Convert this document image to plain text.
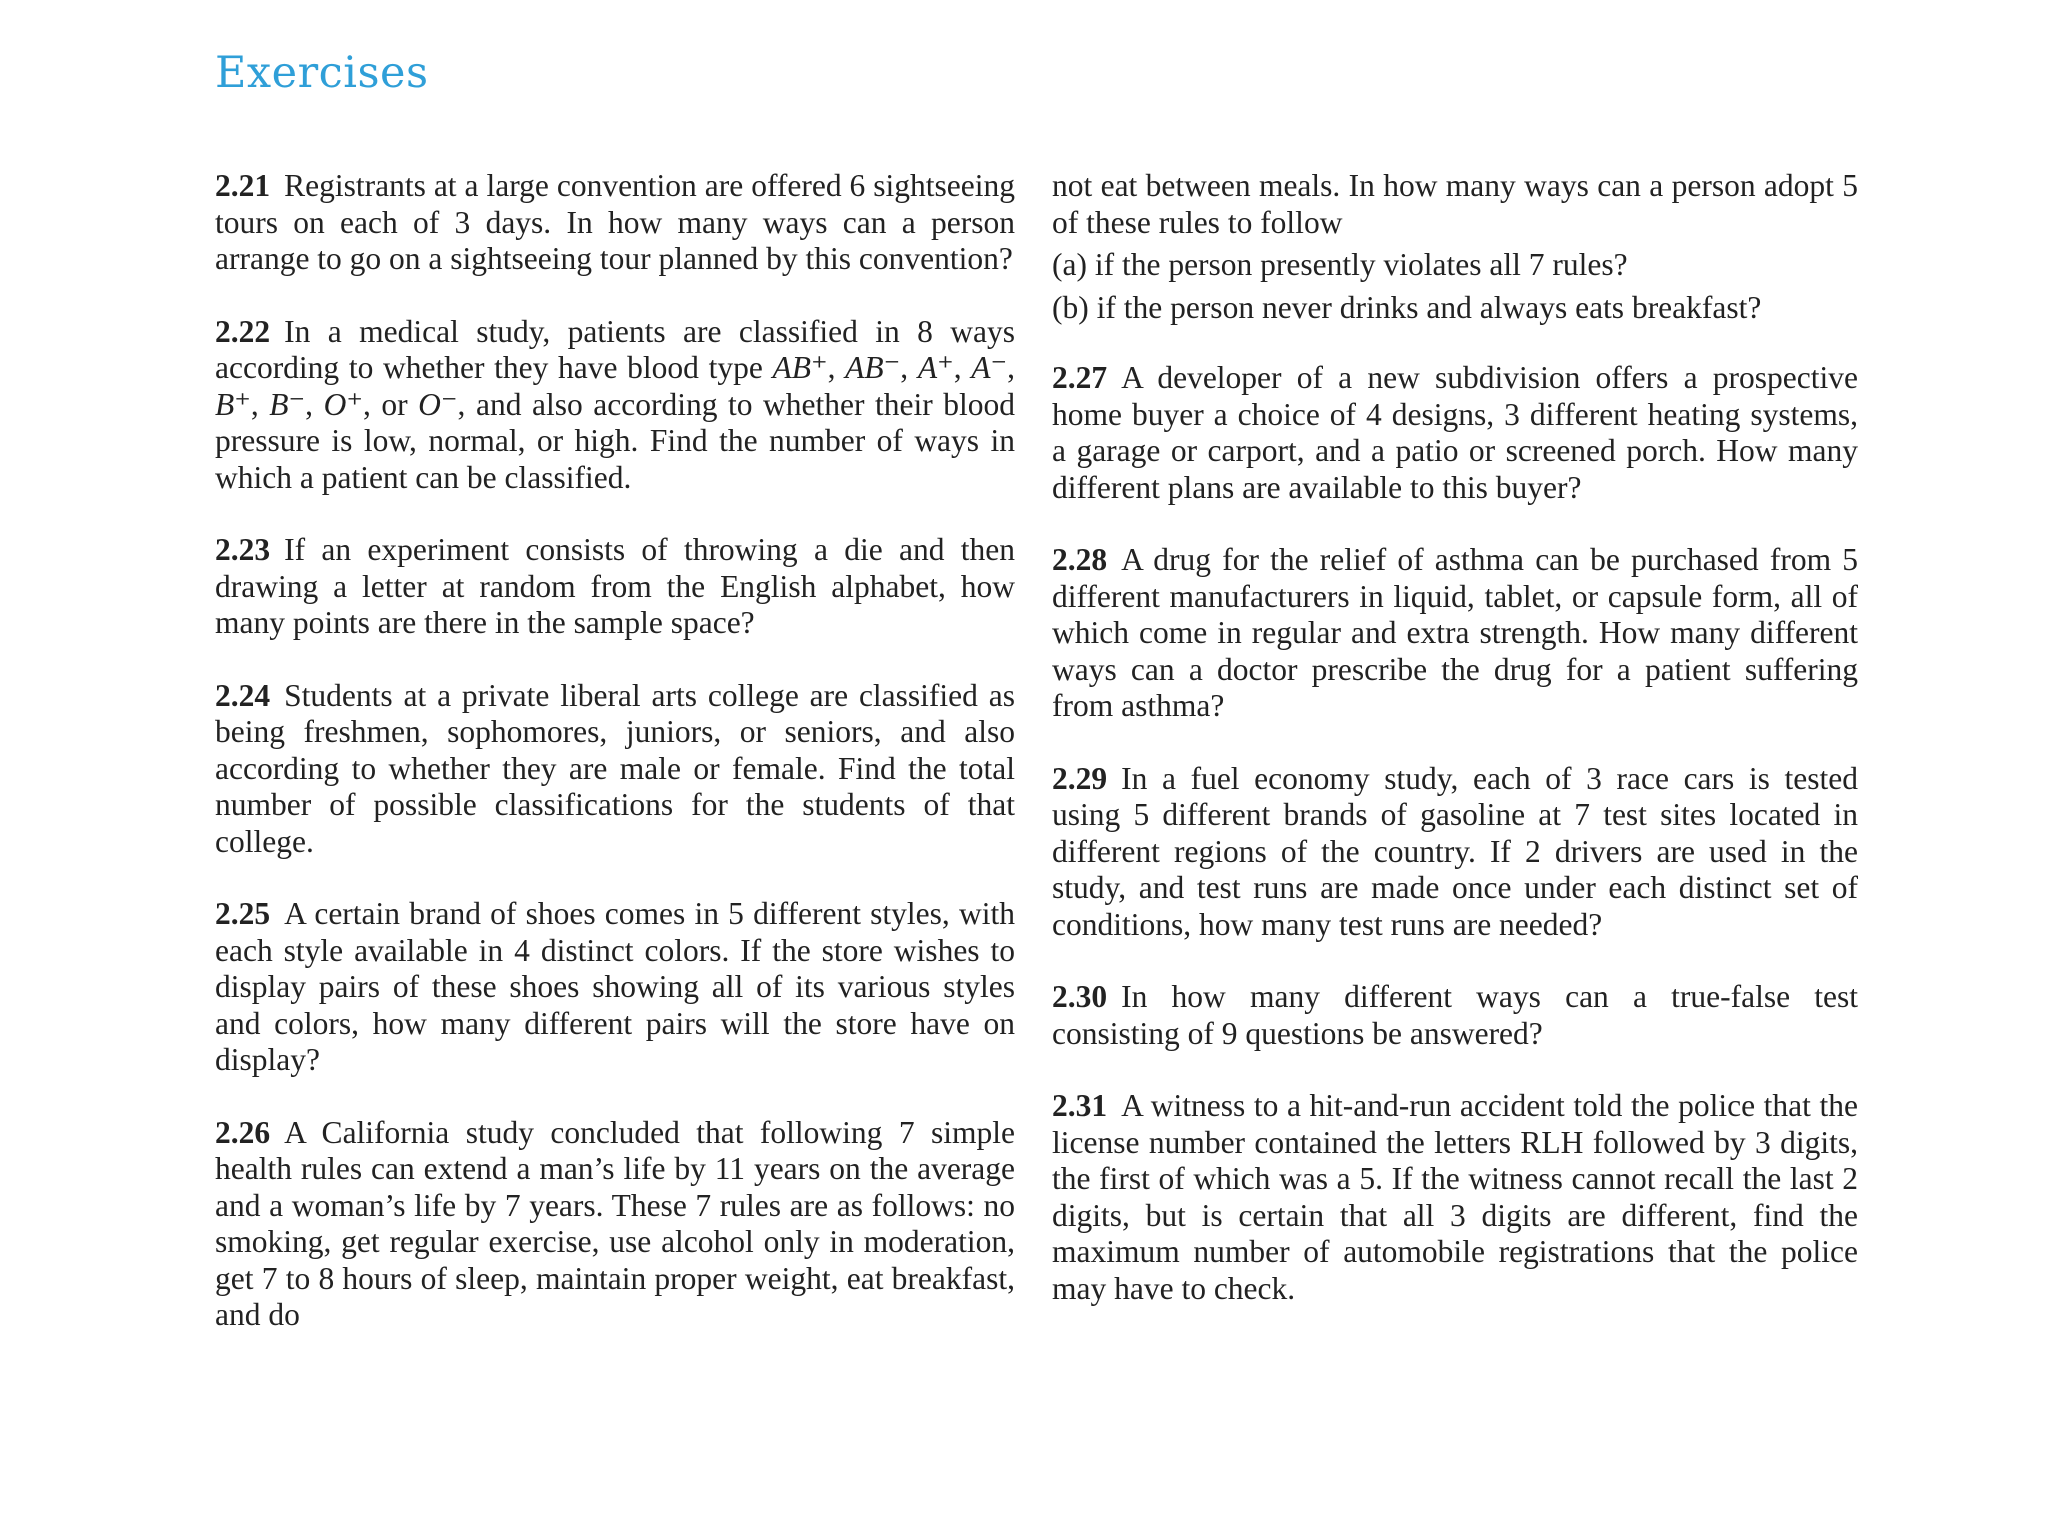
Exercises

2.21 Registrants at a large convention are offered 6 sightseeing tours on each of 3 days. In how many ways can a person arrange to go on a sightseeing tour planned by this convention?

2.22 In a medical study, patients are classified in 8 ways according to whether they have blood type AB⁺, AB⁻, A⁺, A⁻, B⁺, B⁻, O⁺, or O⁻, and also according to whether their blood pressure is low, normal, or high. Find the number of ways in which a patient can be classified.

2.23 If an experiment consists of throwing a die and then drawing a letter at random from the English alphabet, how many points are there in the sample space?

2.24 Students at a private liberal arts college are classified as being freshmen, sophomores, juniors, or seniors, and also according to whether they are male or female. Find the total number of possible classifications for the students of that college.

2.25 A certain brand of shoes comes in 5 different styles, with each style available in 4 distinct colors. If the store wishes to display pairs of these shoes showing all of its various styles and colors, how many different pairs will the store have on display?

2.26 A California study concluded that following 7 simple health rules can extend a man’s life by 11 years on the average and a woman’s life by 7 years. These 7 rules are as follows: no smoking, get regular exercise, use alcohol only in moderation, get 7 to 8 hours of sleep, maintain proper weight, eat breakfast, and do

not eat between meals. In how many ways can a person adopt 5 of these rules to follow

(a) if the person presently violates all 7 rules?

(b) if the person never drinks and always eats breakfast?

2.27 A developer of a new subdivision offers a prospective home buyer a choice of 4 designs, 3 different heating systems, a garage or carport, and a patio or screened porch. How many different plans are available to this buyer?

2.28 A drug for the relief of asthma can be purchased from 5 different manufacturers in liquid, tablet, or capsule form, all of which come in regular and extra strength. How many different ways can a doctor prescribe the drug for a patient suffering from asthma?

2.29 In a fuel economy study, each of 3 race cars is tested using 5 different brands of gasoline at 7 test sites located in different regions of the country. If 2 drivers are used in the study, and test runs are made once under each distinct set of conditions, how many test runs are needed?

2.30 In how many different ways can a true-false test consisting of 9 questions be answered?

2.31 A witness to a hit-and-run accident told the police that the license number contained the letters RLH followed by 3 digits, the first of which was a 5. If the witness cannot recall the last 2 digits, but is certain that all 3 digits are different, find the maximum number of automobile registrations that the police may have to check.
